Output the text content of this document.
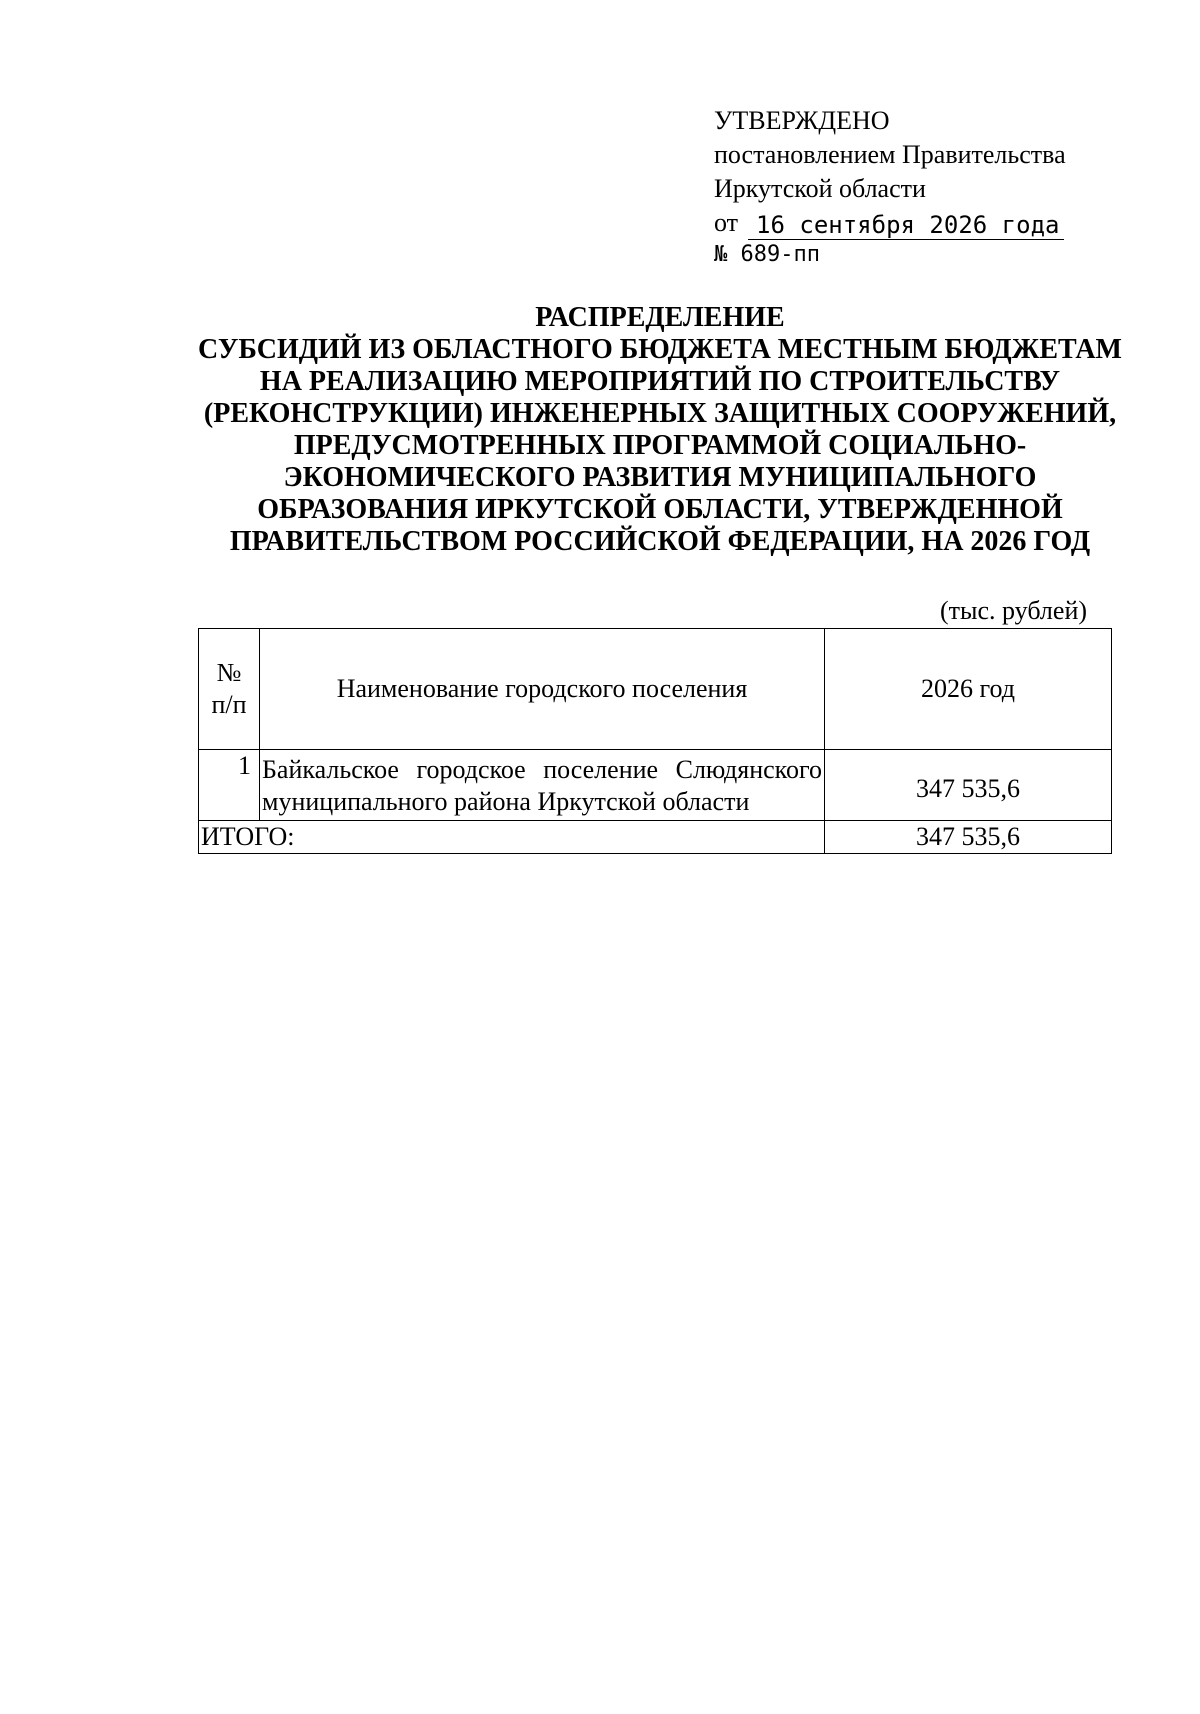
УТВЕРЖДЕНО
постановлением Правительства
Иркутской области
от 16 сентября 2026 года
№ 689-пп
РАСПРЕДЕЛЕНИЕ
СУБСИДИЙ ИЗ ОБЛАСТНОГО БЮДЖЕТА МЕСТНЫМ БЮДЖЕТАМ
НА РЕАЛИЗАЦИЮ МЕРОПРИЯТИЙ ПО СТРОИТЕЛЬСТВУ
(РЕКОНСТРУКЦИИ) ИНЖЕНЕРНЫХ ЗАЩИТНЫХ СООРУЖЕНИЙ,
ПРЕДУСМОТРЕННЫХ ПРОГРАММОЙ СОЦИАЛЬНО-
ЭКОНОМИЧЕСКОГО РАЗВИТИЯ МУНИЦИПАЛЬНОГО
ОБРАЗОВАНИЯ ИРКУТСКОЙ ОБЛАСТИ, УТВЕРЖДЕННОЙ
ПРАВИТЕЛЬСТВОМ РОССИЙСКОЙ ФЕДЕРАЦИИ, НА 2026 ГОД
(тыс. рублей)
№
п/п	Наименование городского поселения	2026 год
1	Байкальское городское поселение Слюдянского муниципального района Иркутской области	347 535,6
ИТОГО:		347 535,6
